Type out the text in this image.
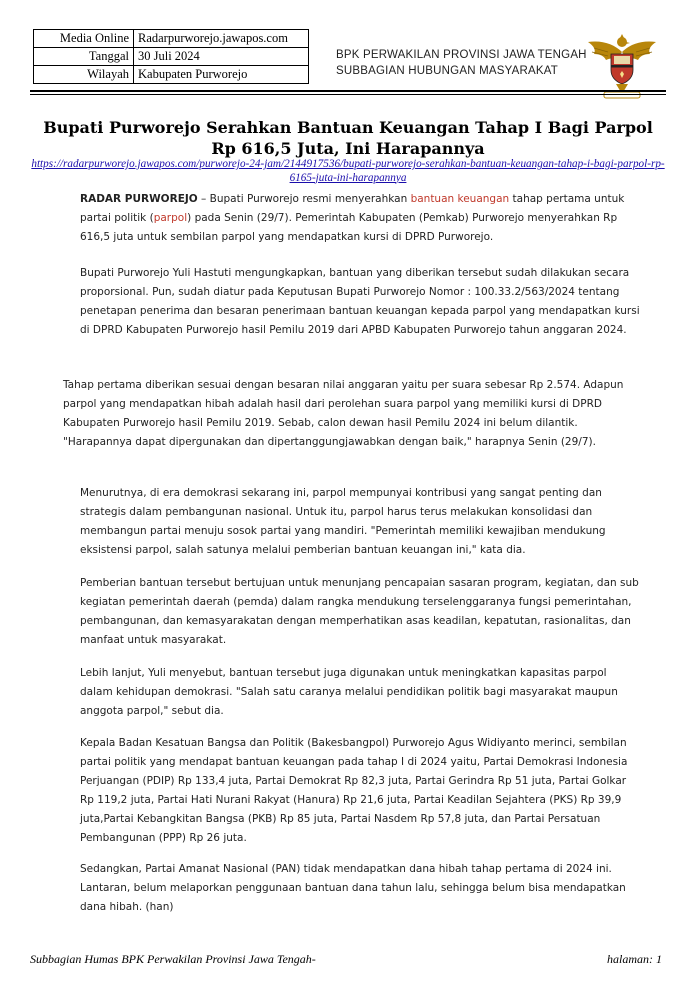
Media Online	Radarpurworejo.jawapos.com
Tanggal	30 Juli 2024
Wilayah	Kabupaten Purworejo
BPK PERWAKILAN PROVINSI JAWA TENGAH
SUBBAGIAN HUBUNGAN MASYARAKAT
Bupati Purworejo Serahkan Bantuan Keuangan Tahap I Bagi Parpol Rp 616,5 Juta, Ini Harapannya
https://radarpurworejo.jawapos.com/purworejo-24-jam/2144917536/bupati-purworejo-serahkan-bantuan-keuangan-tahap-i-bagi-parpol-rp-6165-juta-ini-harapannya

RADAR PURWOREJO – Bupati Purworejo resmi menyerahkan bantuan keuangan tahap pertama untuk partai politik (parpol) pada Senin (29/7). Pemerintah Kabupaten (Pemkab) Purworejo menyerahkan Rp 616,5 juta untuk sembilan parpol yang mendapatkan kursi di DPRD Purworejo.

Bupati Purworejo Yuli Hastuti mengungkapkan, bantuan yang diberikan tersebut sudah dilakukan secara proporsional. Pun, sudah diatur pada Keputusan Bupati Purworejo Nomor : 100.33.2/563/2024 tentang penetapan penerima dan besaran penerimaan bantuan keuangan kepada parpol yang mendapatkan kursi di DPRD Kabupaten Purworejo hasil Pemilu 2019 dari APBD Kabupaten Purworejo tahun anggaran 2024.

Tahap pertama diberikan sesuai dengan besaran nilai anggaran yaitu per suara sebesar Rp 2.574. Adapun parpol yang mendapatkan hibah adalah hasil dari perolehan suara parpol yang memiliki kursi di DPRD Kabupaten Purworejo hasil Pemilu 2019. Sebab, calon dewan hasil Pemilu 2024 ini belum dilantik. "Harapannya dapat dipergunakan dan dipertanggungjawabkan dengan baik," harapnya Senin (29/7).

Menurutnya, di era demokrasi sekarang ini, parpol mempunyai kontribusi yang sangat penting dan strategis dalam pembangunan nasional. Untuk itu, parpol harus terus melakukan konsolidasi dan membangun partai menuju sosok partai yang mandiri. "Pemerintah memiliki kewajiban mendukung eksistensi parpol, salah satunya melalui pemberian bantuan keuangan ini," kata dia.

Pemberian bantuan tersebut bertujuan untuk menunjang pencapaian sasaran program, kegiatan, dan sub kegiatan pemerintah daerah (pemda) dalam rangka mendukung terselenggaranya fungsi pemerintahan, pembangunan, dan kemasyarakatan dengan memperhatikan asas keadilan, kepatutan, rasionalitas, dan manfaat untuk masyarakat.

Lebih lanjut, Yuli menyebut, bantuan tersebut juga digunakan untuk meningkatkan kapasitas parpol dalam kehidupan demokrasi. "Salah satu caranya melalui pendidikan politik bagi masyarakat maupun anggota parpol," sebut dia.

Kepala Badan Kesatuan Bangsa dan Politik (Bakesbangpol) Purworejo Agus Widiyanto merinci, sembilan partai politik yang mendapat bantuan keuangan pada tahap I di 2024 yaitu, Partai Demokrasi Indonesia Perjuangan (PDIP) Rp 133,4 juta, Partai Demokrat Rp 82,3 juta, Partai Gerindra Rp 51 juta, Partai Golkar Rp 119,2 juta, Partai Hati Nurani Rakyat (Hanura) Rp 21,6 juta, Partai Keadilan Sejahtera (PKS) Rp 39,9 juta,Partai Kebangkitan Bangsa (PKB) Rp 85 juta, Partai Nasdem Rp 57,8 juta, dan Partai Persatuan Pembangunan (PPP) Rp 26 juta.

Sedangkan, Partai Amanat Nasional (PAN) tidak mendapatkan dana hibah tahap pertama di 2024 ini. Lantaran, belum melaporkan penggunaan bantuan dana tahun lalu, sehingga belum bisa mendapatkan dana hibah. (han)

Subbagian Humas BPK Perwakilan Provinsi Jawa Tengah-	halaman: 1
